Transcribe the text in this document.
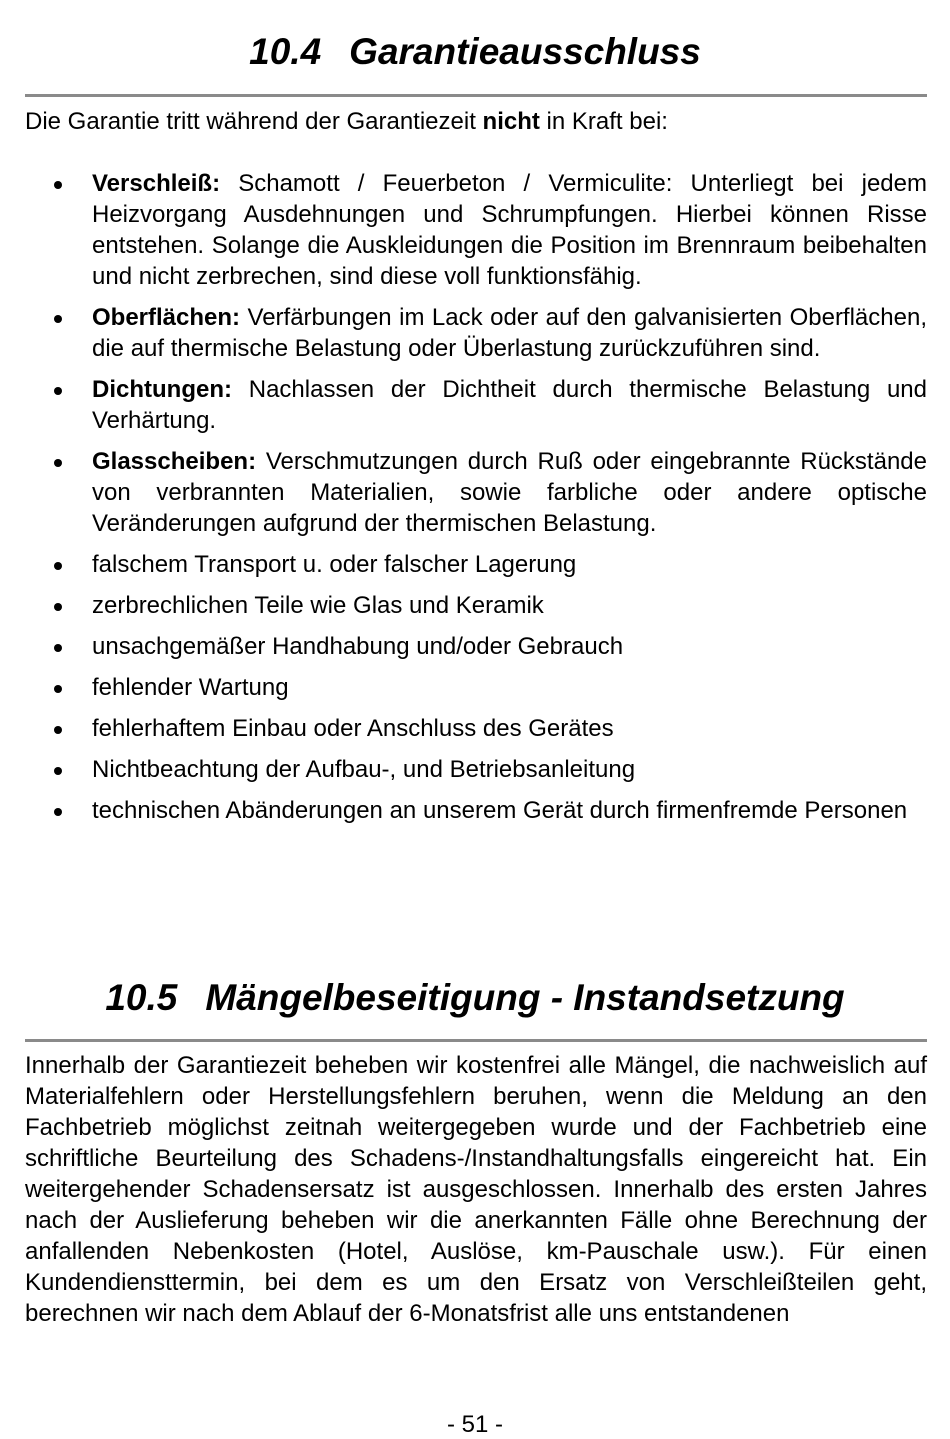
10.4 Garantieausschluss
Die Garantie tritt während der Garantiezeit nicht in Kraft bei:
Verschleiß: Schamott / Feuerbeton / Vermiculite: Unterliegt bei jedem Heizvorgang Ausdehnungen und Schrumpfungen. Hierbei können Risse entstehen. Solange die Auskleidungen die Position im Brennraum beibehalten und nicht zerbrechen, sind diese voll funktionsfähig.
Oberflächen: Verfärbungen im Lack oder auf den galvanisierten Oberflächen, die auf thermische Belastung oder Überlastung zurückzuführen sind.
Dichtungen: Nachlassen der Dichtheit durch thermische Belastung und Verhärtung.
Glasscheiben: Verschmutzungen durch Ruß oder eingebrannte Rückstände von verbrannten Materialien, sowie farbliche oder andere optische Veränderungen aufgrund der thermischen Belastung.
falschem Transport u. oder falscher Lagerung
zerbrechlichen Teile wie Glas und Keramik
unsachgemäßer Handhabung und/oder Gebrauch
fehlender Wartung
fehlerhaftem Einbau oder Anschluss des Gerätes
Nichtbeachtung der Aufbau-, und Betriebsanleitung
technischen Abänderungen an unserem Gerät durch firmenfremde Personen
10.5 Mängelbeseitigung - Instandsetzung

Innerhalb der Garantiezeit beheben wir kostenfrei alle Mängel, die nachweislich auf Materialfehlern oder Herstellungsfehlern beruhen, wenn die Meldung an den Fachbetrieb möglichst zeitnah weitergegeben wurde und der Fachbetrieb eine schriftliche Beurteilung des Schadens-/Instandhaltungsfalls eingereicht hat. Ein weitergehender Schadensersatz ist ausgeschlossen. Innerhalb des ersten Jahres nach der Auslieferung beheben wir die anerkannten Fälle ohne Berechnung der anfallenden Nebenkosten (Hotel, Auslöse, km-Pauschale usw.). Für einen Kundendiensttermin, bei dem es um den Ersatz von Verschleißteilen geht, berechnen wir nach dem Ablauf der 6-Monatsfrist alle uns entstandenen

- 51 -
